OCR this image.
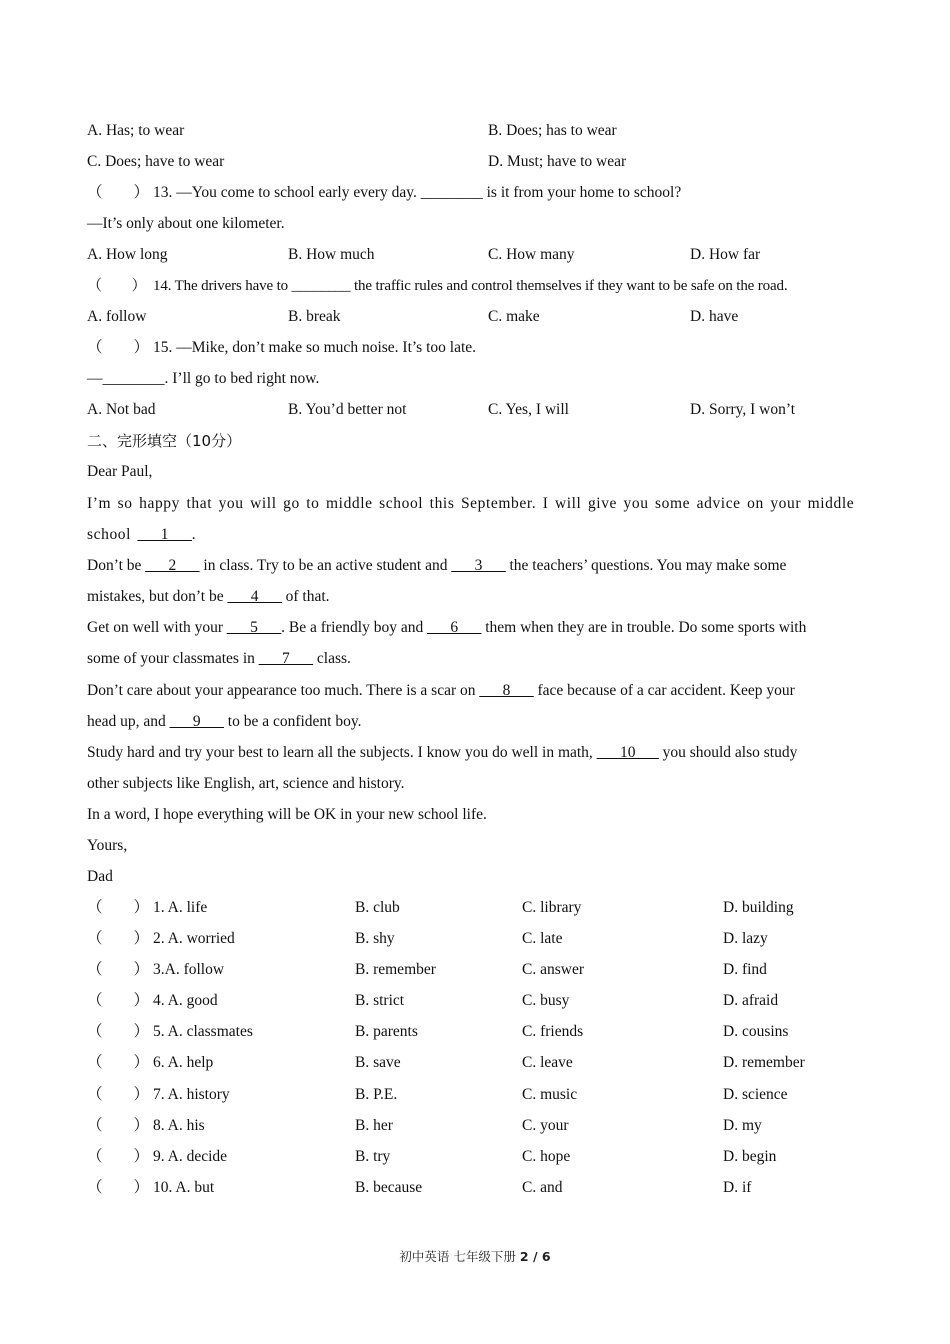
A. Has; to wear	B. Does; has to wear
C. Does; have to wear	D. Must; have to wear
（　　） 13. —You come to school early every day. ________ is it from your home to school?
—It’s only about one kilometer.
A. How long	B. How much	C. How many	D. How far
（　　） 14. The drivers have to ________ the traffic rules and control themselves if they want to be safe on the road.
A. follow	B. break	C. make	D. have
（　　） 15. —Mike, don’t make so much noise. It’s too late.
—________. I’ll go to bed right now.
A. Not bad	B. You’d better not	C. Yes, I will	D. Sorry, I won’t
二、完形填空（10分）
Dear Paul,
I’m so happy that you will go to middle school this September. I will give you some advice on your middle
school ___1___.
Don’t be ___2___ in class. Try to be an active student and ___3___ the teachers’ questions. You may make some
mistakes, but don’t be ___4___ of that.
Get on well with your ___5___. Be a friendly boy and ___6___ them when they are in trouble. Do some sports with
some of your classmates in ___7___ class.
Don’t care about your appearance too much. There is a scar on ___8___ face because of a car accident. Keep your
head up, and ___9___ to be a confident boy.
Study hard and try your best to learn all the subjects. I know you do well in math, ___10___ you should also study
other subjects like English, art, science and history.
In a word, I hope everything will be OK in your new school life.
Yours,
Dad
（　　） 1. A. life	B. club	C. library	D. building
（　　） 2. A. worried	B. shy	C. late	D. lazy
（　　） 3.A. follow	B. remember	C. answer	D. find
（　　） 4. A. good	B. strict	C. busy	D. afraid
（　　） 5. A. classmates	B. parents	C. friends	D. cousins
（　　） 6. A. help	B. save	C. leave	D. remember
（　　） 7. A. history	B. P.E.	C. music	D. science
（　　） 8. A. his	B. her	C. your	D. my
（　　） 9. A. decide	B. try	C. hope	D. begin
（　　） 10. A. but	B. because	C. and	D. if
初中英语 七年级下册 2 / 6
